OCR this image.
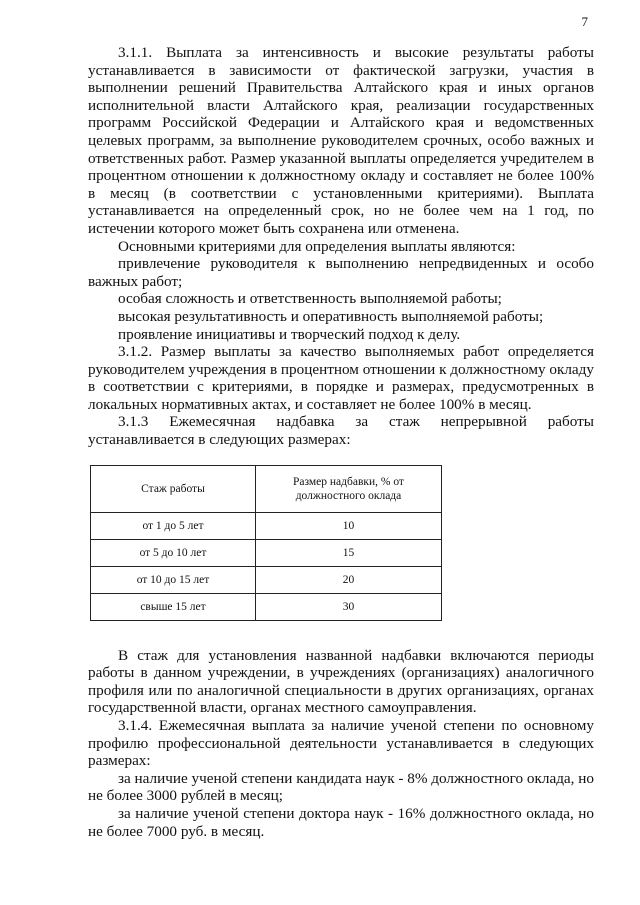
7

3.1.1. Выплата за интенсивность и высокие результаты работы устанавливается в зависимости от фактической загрузки, участия в выполнении решений Правительства Алтайского края и иных органов исполнительной власти Алтайского края, реализации государственных программ Российской Федерации и Алтайского края и ведомственных целевых программ, за выполнение руководителем срочных, особо важных и ответственных работ. Размер указанной выплаты определяется учредителем в процентном отношении к должностному окладу и составляет не более 100% в месяц (в соответствии с установленными критериями). Выплата устанавливается на определенный срок, но не более чем на 1 год, по истечении которого может быть сохранена или отменена.

Основными критериями для определения выплаты являются:

привлечение руководителя к выполнению непредвиденных и особо важных работ;

особая сложность и ответственность выполняемой работы;

высокая результативность и оперативность выполняемой работы;

проявление инициативы и творческий подход к делу.

3.1.2. Размер выплаты за качество выполняемых работ определяется руководителем учреждения в процентном отношении к должностному окладу в соответствии с критериями, в порядке и размерах, предусмотренных в локальных нормативных актах, и составляет не более 100% в месяц.

3.1.3 Ежемесячная надбавка за стаж непрерывной работы устанавливается в следующих размерах:

Стаж работы	Размер надбавки, % от должностного оклада
от 1 до 5 лет	10
от 5 до 10 лет	15
от 10 до 15 лет	20
свыше 15 лет	30

В стаж для установления названной надбавки включаются периоды работы в данном учреждении, в учреждениях (организациях) аналогичного профиля или по аналогичной специальности в других организациях, органах государственной власти, органах местного самоуправления.

3.1.4. Ежемесячная выплата за наличие ученой степени по основному профилю профессиональной деятельности устанавливается в следующих размерах:

за наличие ученой степени кандидата наук - 8% должностного оклада, но не более 3000 рублей в месяц;

за наличие ученой степени доктора наук - 16% должностного оклада, но не более 7000 руб. в месяц.
